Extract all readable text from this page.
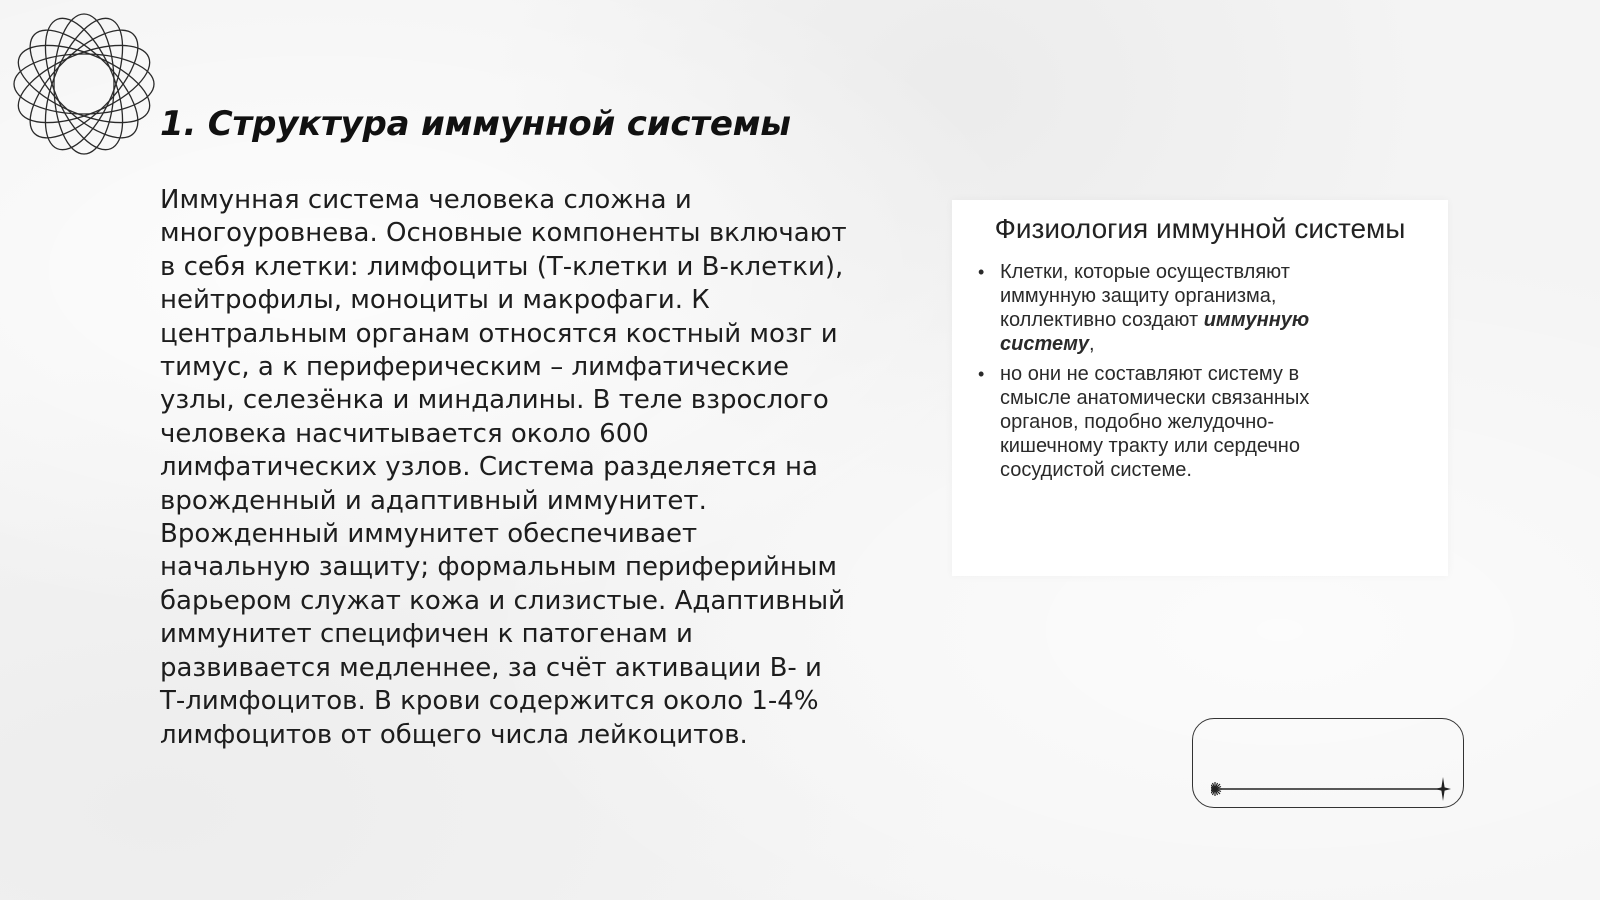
1. Структура иммунной системы

Иммунная система человека сложна и многоуровнева. Основные компоненты включают в себя клетки: лимфоциты (Т-клетки и В-клетки), нейтрофилы, моноциты и макрофаги. К центральным органам относятся костный мозг и тимус, а к периферическим – лимфатические узлы, селезёнка и миндалины. В теле взрослого человека насчитывается около 600 лимфатических узлов. Система разделяется на врожденный и адаптивный иммунитет. Врожденный иммунитет обеспечивает начальную защиту; формальным периферийным барьером служат кожа и слизистые. Адаптивный иммунитет специфичен к патогенам и развивается медленнее, за счёт активации В- и Т-лимфоцитов. В крови содержится около 1-4% лимфоцитов от общего числа лейкоцитов.

Физиология иммунной системы
• Клетки, которые осуществляют иммунную защиту организма, коллективно создают иммунную систему,
• но они не составляют систему в смысле анатомически связанных органов, подобно желудочно-кишечному тракту или сердечно сосудистой системе.
